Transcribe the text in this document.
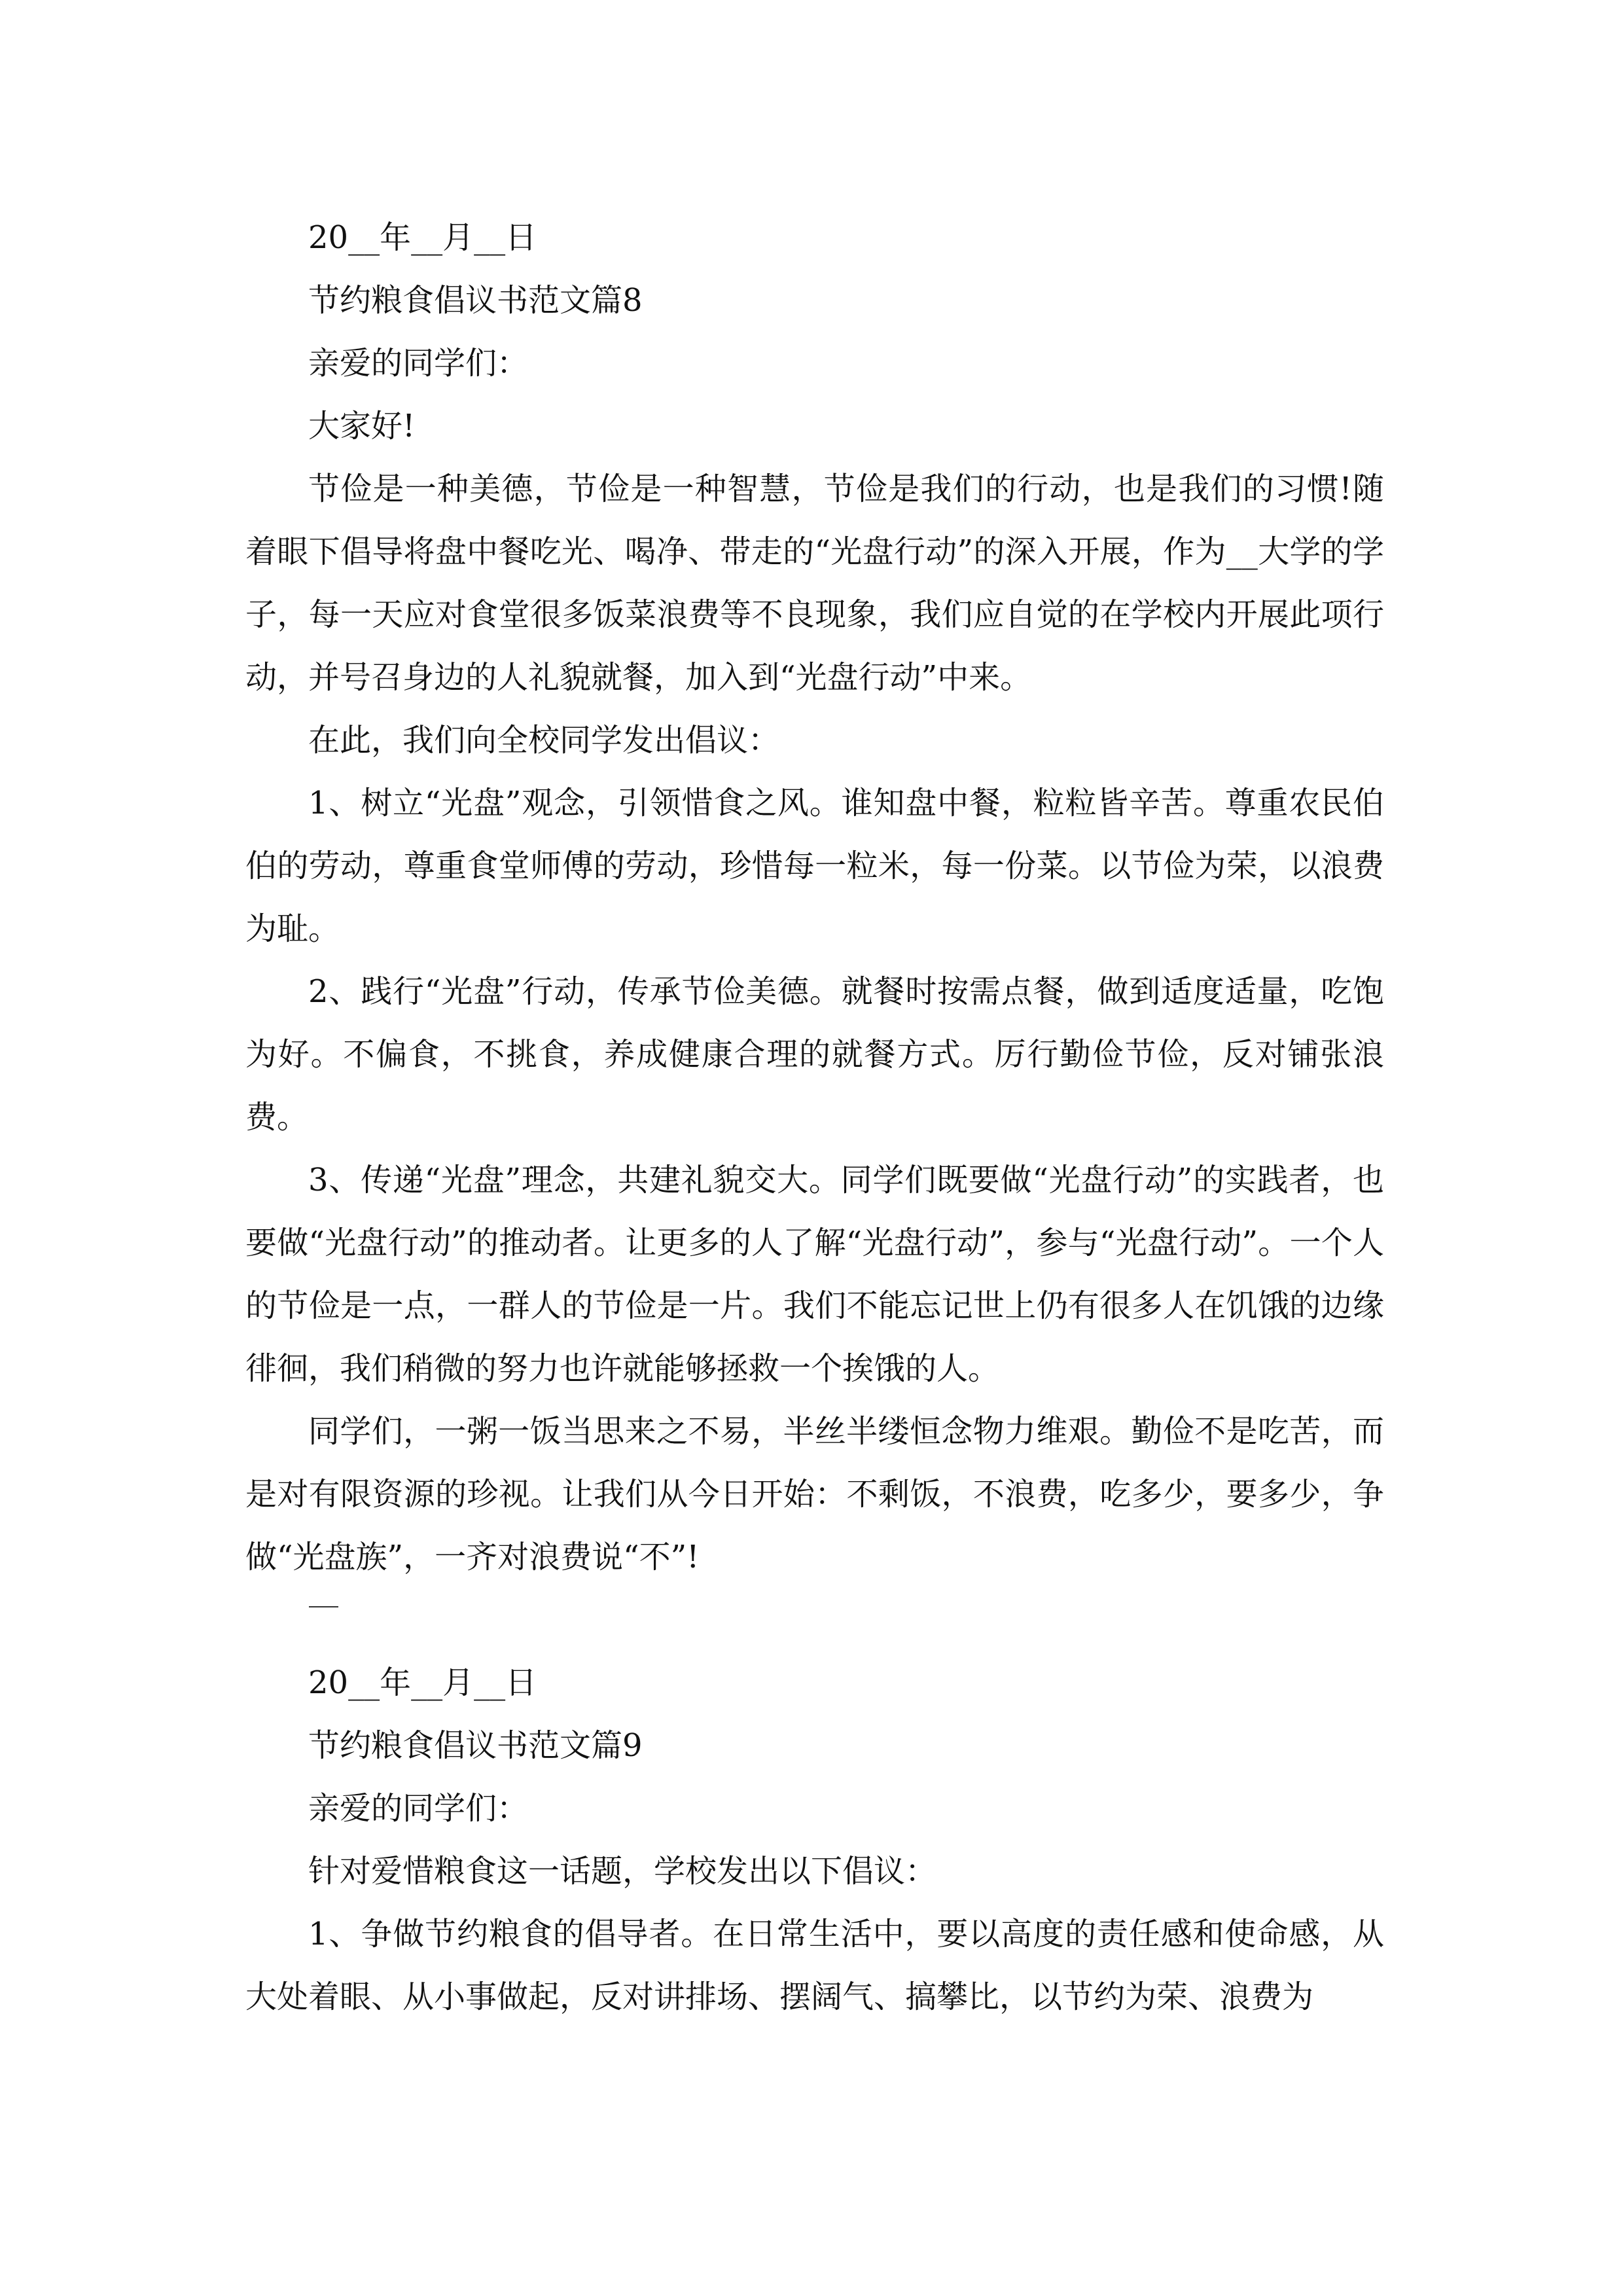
20__年__月__日

节约粮食倡议书范文篇8

亲爱的同学们：

大家好!

节俭是一种美德，节俭是一种智慧，节俭是我们的行动，也是我们的习惯!随着眼下倡导将盘中餐吃光、喝净、带走的“光盘行动”的深入开展，作为__大学的学子，每一天应对食堂很多饭菜浪费等不良现象，我们应自觉的在学校内开展此项行动，并号召身边的人礼貌就餐，加入到“光盘行动”中来。

在此，我们向全校同学发出倡议：

1、树立“光盘”观念，引领惜食之风。谁知盘中餐，粒粒皆辛苦。尊重农民伯伯的劳动，尊重食堂师傅的劳动，珍惜每一粒米，每一份菜。以节俭为荣，以浪费为耻。

2、践行“光盘”行动，传承节俭美德。就餐时按需点餐，做到适度适量，吃饱为好。不偏食，不挑食，养成健康合理的就餐方式。厉行勤俭节俭，反对铺张浪费。

3、传递“光盘”理念，共建礼貌交大。同学们既要做“光盘行动”的实践者，也要做“光盘行动”的推动者。让更多的人了解“光盘行动”，参与“光盘行动”。一个人的节俭是一点，一群人的节俭是一片。我们不能忘记世上仍有很多人在饥饿的边缘徘徊，我们稍微的努力也许就能够拯救一个挨饿的人。

同学们，一粥一饭当思来之不易，半丝半缕恒念物力维艰。勤俭不是吃苦，而是对有限资源的珍视。让我们从今日开始：不剩饭，不浪费，吃多少，要多少，争做“光盘族”，一齐对浪费说“不”!

20__年__月__日

节约粮食倡议书范文篇9

亲爱的同学们：

针对爱惜粮食这一话题，学校发出以下倡议：

1、争做节约粮食的倡导者。在日常生活中，要以高度的责任感和使命感，从大处着眼、从小事做起，反对讲排场、摆阔气、搞攀比，以节约为荣、浪费为
